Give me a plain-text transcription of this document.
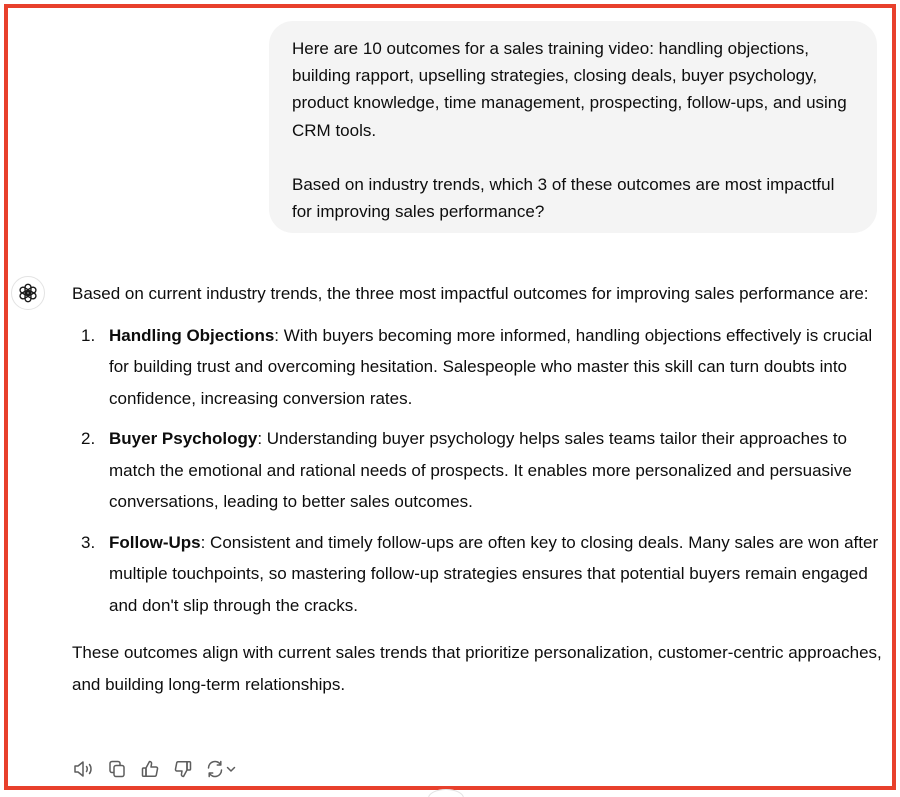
Here are 10 outcomes for a sales training video: handling objections, building rapport, upselling strategies, closing deals, buyer psychology, product knowledge, time management, prospecting, follow-ups, and using CRM tools.

Based on industry trends, which 3 of these outcomes are most impactful for improving sales performance?

Based on current industry trends, the three most impactful outcomes for improving sales performance are:

1. Handling Objections: With buyers becoming more informed, handling objections effectively is crucial for building trust and overcoming hesitation. Salespeople who master this skill can turn doubts into confidence, increasing conversion rates.
2. Buyer Psychology: Understanding buyer psychology helps sales teams tailor their approaches to match the emotional and rational needs of prospects. It enables more personalized and persuasive conversations, leading to better sales outcomes.
3. Follow-Ups: Consistent and timely follow-ups are often key to closing deals. Many sales are won after multiple touchpoints, so mastering follow-up strategies ensures that potential buyers remain engaged and don't slip through the cracks.

These outcomes align with current sales trends that prioritize personalization, customer-centric approaches, and building long-term relationships.
